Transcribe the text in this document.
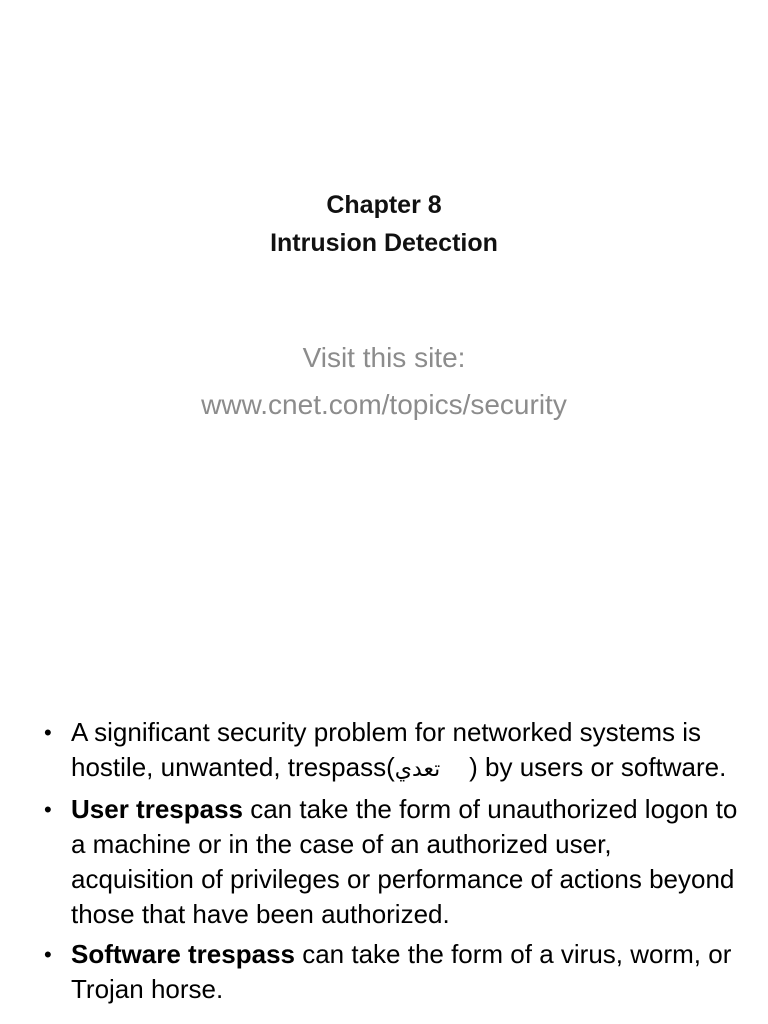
Chapter 8
Intrusion Detection
Visit this site:
www.cnet.com/topics/security
• A significant security problem for networked systems is hostile, unwanted, trespass(تعدي ) by users or software.
• User trespass can take the form of unauthorized logon to a machine or in the case of an authorized user, acquisition of privileges or performance of actions beyond those that have been authorized.
• Software trespass can take the form of a virus, worm, or Trojan horse.
